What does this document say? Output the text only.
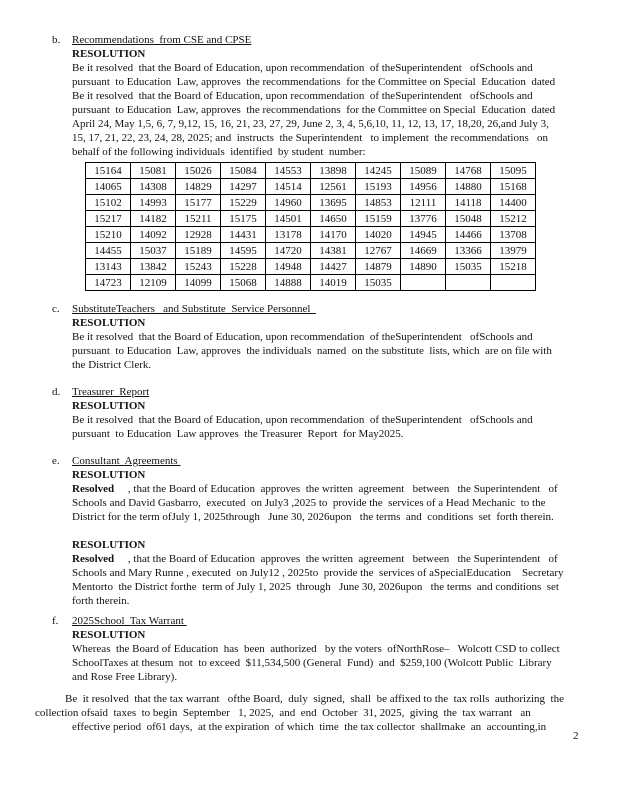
b. Recommendations  from CSE and CPSE
RESOLUTION
Be it resolved  that the Board of Education, upon recommendation  of theSuperintendent   ofSchools and
pursuant  to Education  Law, approves  the recommendations  for the Committee on Special  Education  dated
Be it resolved  that the Board of Education, upon recommendation  of theSuperintendent   ofSchools and
pursuant  to Education  Law, approves  the recommendations  for the Committee on Special  Education  dated
April 24, May 1,5, 6, 7, 9,12, 15, 16, 21, 23, 27, 29, June 2, 3, 4, 5,6,10, 11, 12, 13, 17, 18,20, 26,and July 3,
15, 17, 21, 22, 23, 24, 28, 2025; and  instructs  the Superintendent   to implement  the recommendations   on
behalf of the following individuals  identified  by student  number:
15164	15081	15026	15084	14553	13898	14245	15089	14768	15095
14065	14308	14829	14297	14514	12561	15193	14956	14880	15168
15102	14993	15177	15229	14960	13695	14853	12111	14118	14400
15217	14182	15211	15175	14501	14650	15159	13776	15048	15212
15210	14092	12928	14431	13178	14170	14020	14945	14466	13708
14455	15037	15189	14595	14720	14381	12767	14669	13366	13979
13143	13842	15243	15228	14948	14427	14879	14890	15035	15218
14723	12109	14099	15068	14888	14019	15035			
c. SubstituteTeachers   and Substitute  Service Personnel
RESOLUTION
Be it resolved  that the Board of Education, upon recommendation  of theSuperintendent   ofSchools and
pursuant  to Education  Law, approves  the individuals  named  on the substitute  lists, which  are on file with
the District Clerk.
d. Treasurer  Report
RESOLUTION
Be it resolved  that the Board of Education, upon recommendation  of theSuperintendent   ofSchools and
pursuant  to Education  Law approves  the Treasurer  Report  for May2025.
e. Consultant  Agreements
RESOLUTION
Resolved     , that the Board of Education  approves  the written  agreement   between   the Superintendent   of
Schools and David Gasbarro,  executed  on July3 ,2025 to  provide the  services of a Head Mechanic  to the
District for the term ofJuly 1, 2025through   June 30, 2026upon   the terms  and  conditions  set  forth therein.
RESOLUTION
Resolved     , that the Board of Education  approves  the written  agreement   between   the Superintendent   of
Schools and Mary Runne , executed  on July12 , 2025to  provide the  services of aSpecialEducation    Secretary
Mentorto  the District forthe  term of July 1, 2025  through   June 30, 2026upon   the terms  and conditions  set
forth therein.
f. 2025School  Tax Warrant
RESOLUTION
Whereas  the Board of Education  has  been  authorized   by the voters  ofNorthRose–   Wolcott CSD to collect
SchoolTaxes at thesum  not  to exceed  $11,534,500 (General  Fund)  and  $259,100 (Wolcott Public  Library
and Rose Free Library).
Be  it resolved  that the tax warrant   ofthe Board,  duly  signed,  shall  be affixed to the  tax rolls  authorizing  the
collection ofsaid  taxes  to begin  September   1, 2025,  and  end  October  31, 2025,  giving  the  tax warrant   an
effective period  of61 days,  at the expiration  of which  time  the tax collector  shallmake  an  accounting,in
2
